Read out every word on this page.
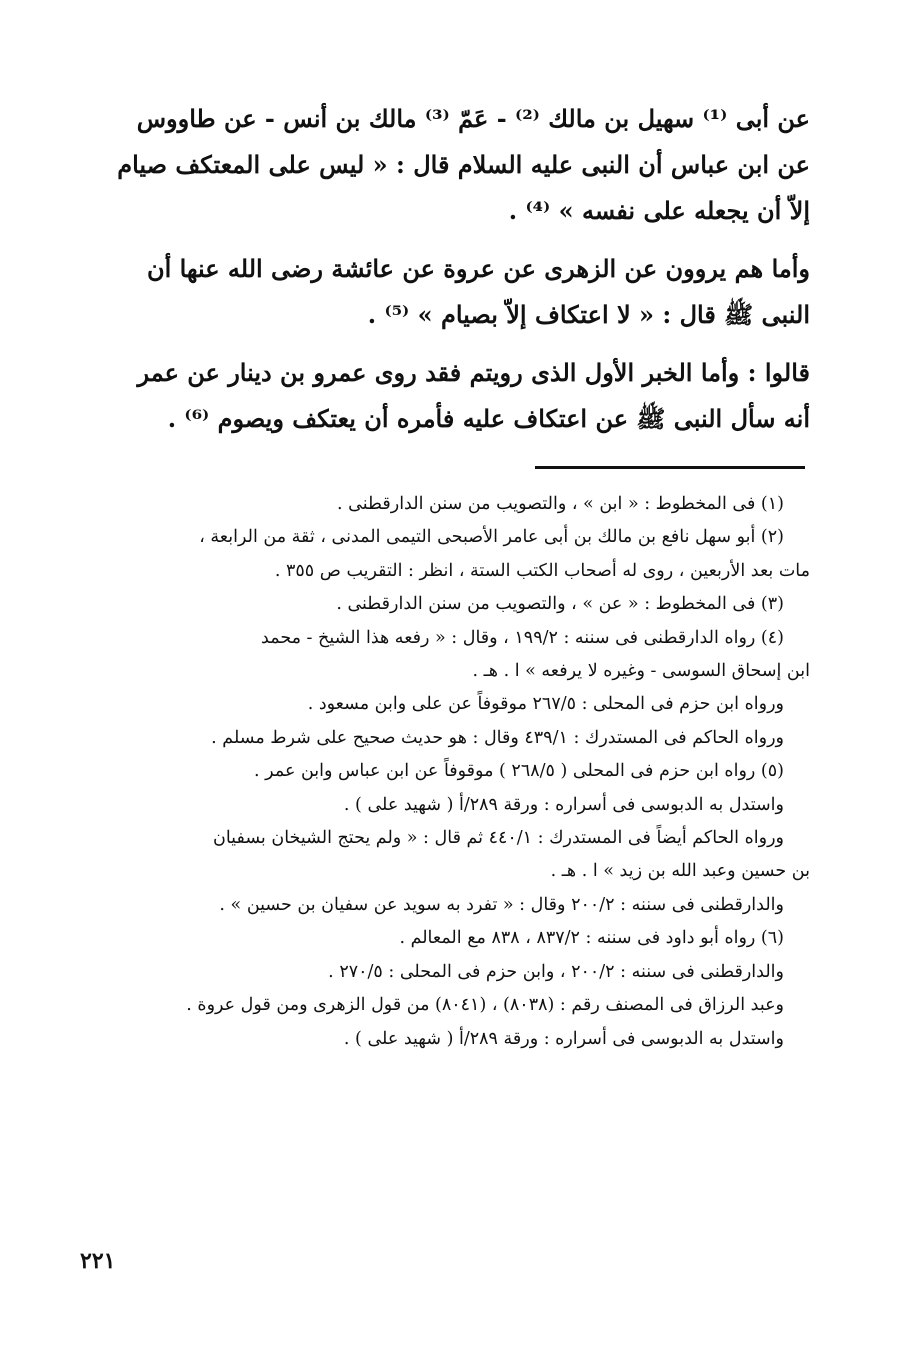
عن أبى ⁽¹⁾ سهيل بن مالك ⁽²⁾ - عَمّ ⁽³⁾ مالك بن أنس - عن طاووس
عن ابن عباس أن النبى عليه السلام قال : « ليس على المعتكف صيام
إلاّ أن يجعله على نفسه » ⁽⁴⁾ .

وأما هم يروون عن الزهرى عن عروة عن عائشة رضى الله عنها أن
النبى ﷺ قال : « لا اعتكاف إلاّ بصيام » ⁽⁵⁾ .

قالوا : وأما الخبر الأول الذى رويتم فقد روى عمرو بن دينار عن عمر
أنه سأل النبى ﷺ عن اعتكاف عليه فأمره أن يعتكف ويصوم ⁽⁶⁾ .

(١) فى المخطوط : « ابن » ، والتصويب من سنن الدارقطنى .
(٢) أبو سهل نافع بن مالك بن أبى عامر الأصبحى التيمى المدنى ، ثقة من الرابعة ،
مات بعد الأربعين ، روى له أصحاب الكتب الستة ، انظر : التقريب ص ٣٥٥ .
(٣) فى المخطوط : « عن » ، والتصويب من سنن الدارقطنى .
(٤) رواه الدارقطنى فى سننه : ١٩٩/٢ ، وقال : « رفعه هذا الشيخ - محمد
ابن إسحاق السوسى - وغيره لا يرفعه » ا . هـ .
ورواه ابن حزم فى المحلى : ٢٦٧/٥ موقوفاً عن على وابن مسعود .
ورواه الحاكم فى المستدرك : ٤٣٩/١ وقال : هو حديث صحيح على شرط مسلم .
(٥) رواه ابن حزم فى المحلى ( ٢٦٨/٥ ) موقوفاً عن ابن عباس وابن عمر .
واستدل به الدبوسى فى أسراره : ورقة ٢٨٩/أ ( شهيد على ) .
ورواه الحاكم أيضاً فى المستدرك : ٤٤٠/١ ثم قال : « ولم يحتج الشيخان بسفيان
بن حسين وعبد الله بن زيد » ا . هـ .
والدارقطنى فى سننه : ٢٠٠/٢ وقال : « تفرد به سويد عن سفيان بن حسين » .
(٦) رواه أبو داود فى سننه : ٨٣٧/٢ ، ٨٣٨ مع المعالم .
والدارقطنى فى سننه : ٢٠٠/٢ ، وابن حزم فى المحلى : ٢٧٠/٥ .
وعبد الرزاق فى المصنف رقم : (٨٠٣٨) ، (٨٠٤١) من قول الزهرى ومن قول عروة .
واستدل به الدبوسى فى أسراره : ورقة ٢٨٩/أ ( شهيد على ) .
٢٢١
